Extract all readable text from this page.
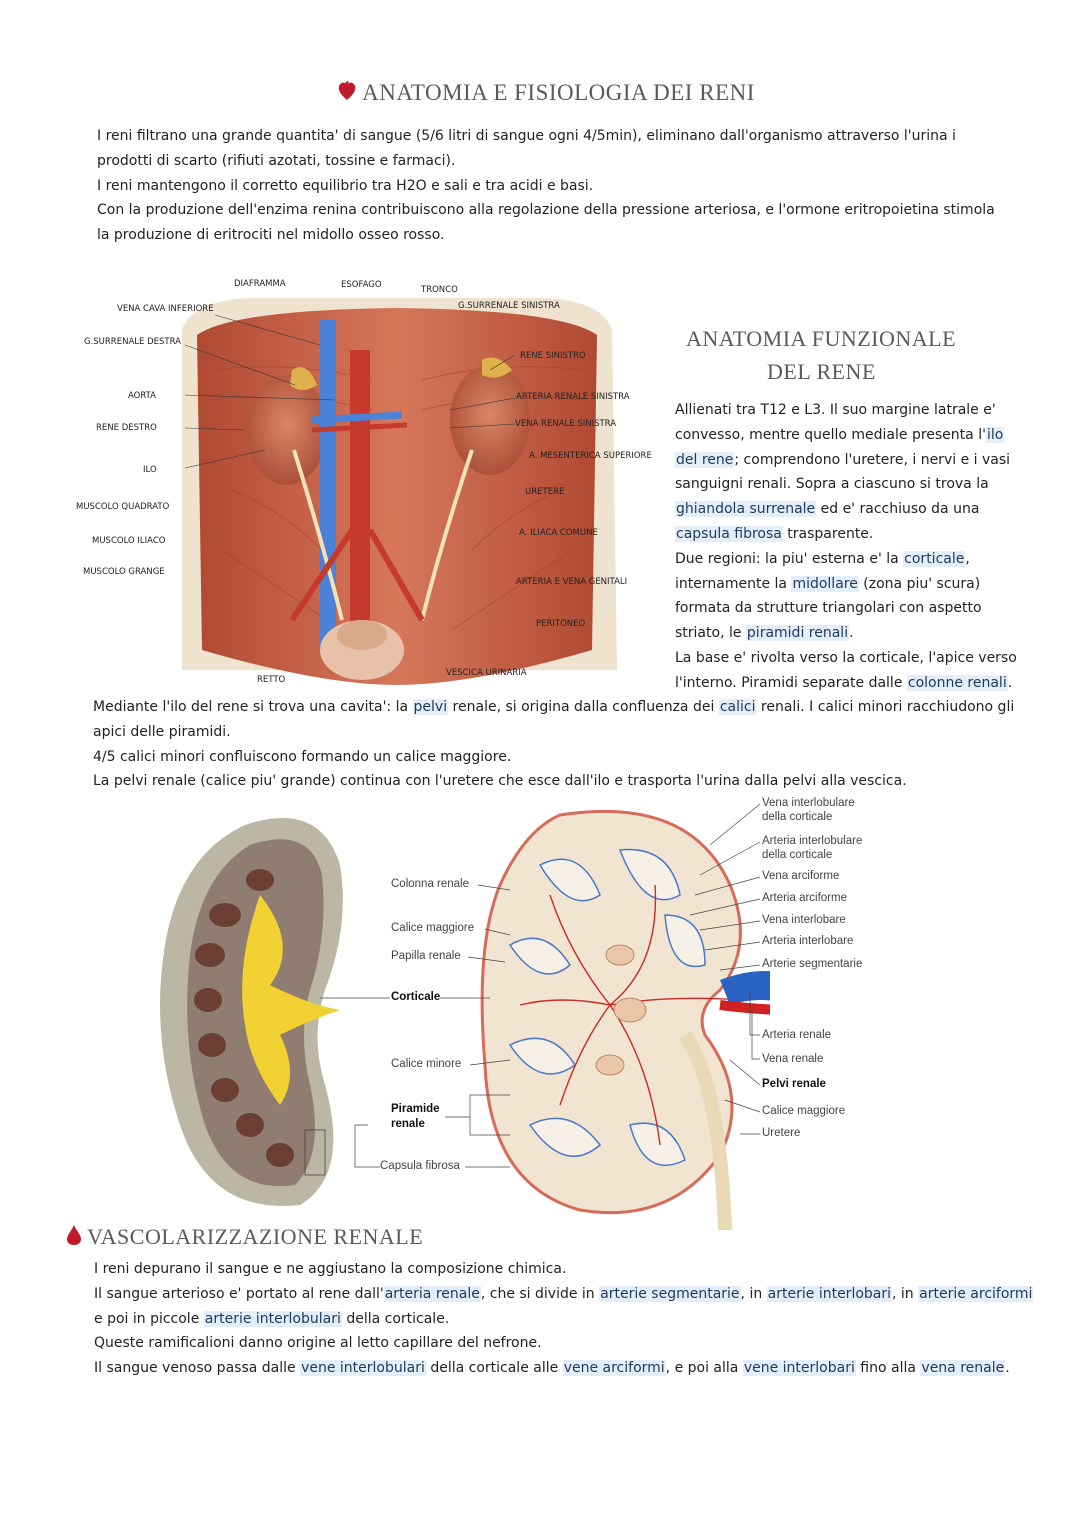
ANATOMIA E FISIOLOGIA DEI RENI

I reni filtrano una grande quantita' di sangue (5/6 litri di sangue ogni 4/5min), eliminano dall'organismo attraverso l'urina i

prodotti di scarto (rifiuti azotati, tossine e farmaci).

I reni mantengono il corretto equilibrio tra H2O e sali e tra acidi e basi.

Con la produzione dell'enzima renina contribuiscono alla regolazione della pressione arteriosa, e l'ormone eritropoietina stimola

la produzione di eritrociti nel midollo osseo rosso.

DIAFRAMMA	ESOFAGO	TRONCO
G.SURRENALE SINISTRA
VENA CAVA INFERIORE
G.SURRENALE DESTRA
AORTA
RENE DESTRO
ILO
MUSCOLO QUADRATO
MUSCOLO ILIACO
MUSCOLO GRANGE
RENE SINISTRO
ARTERIA RENALE SINISTRA
VENA RENALE SINISTRA
A. MESENTERICA SUPERIORE
URETERE
A. ILIACA COMUNE
ARTERIA E VENA GENITALI
PERITONEO
RETTO
VESCICA URINARIA
ANATOMIA FUNZIONALE
DEL RENE

Allienati tra T12 e L3. Il suo margine latrale e'

convesso, mentre quello mediale presenta l'ilo

del rene; comprendono l'uretere, i nervi e i vasi

sanguigni renali. Sopra a ciascuno si trova la

ghiandola surrenale ed e' racchiuso da una

capsula fibrosa trasparente.

Due regioni: la piu' esterna e' la corticale,

internamente la midollare (zona piu' scura)

formata da strutture triangolari con aspetto

striato, le piramidi renali.

La base e' rivolta verso la corticale, l'apice verso

l'interno. Piramidi separate dalle colonne renali.

Mediante l'ilo del rene si trova una cavita': la pelvi renale, si origina dalla confluenza dei calici renali. I calici minori racchiudono gli

apici delle piramidi.

4/5 calici minori confluiscono formando un calice maggiore.

La pelvi renale (calice piu' grande) continua con l'uretere che esce dall'ilo e trasporta l'urina dalla pelvi alla vescica.

Colonna renale
Calice maggiore
Papilla renale
Corticale
Calice minore
Piramide
renale
Capsula fibrosa
Vena interlobulare
della corticale
Arteria interlobulare
della corticale
Vena arciforme
Arteria arciforme
Vena interlobare
Arteria interlobare
Arterie segmentarie
Arteria renale
Vena renale
Pelvi renale
Calice maggiore
Uretere
VASCOLARIZZAZIONE RENALE

I reni depurano il sangue e ne aggiustano la composizione chimica.

Il sangue arterioso e' portato al rene dall'arteria renale, che si divide in arterie segmentarie, in arterie interlobari, in arterie arciformi

e poi in piccole arterie interlobulari della corticale.

Queste ramificalioni danno origine al letto capillare del nefrone.

Il sangue venoso passa dalle vene interlobulari della corticale alle vene arciformi, e poi alla vene interlobari fino alla vena renale.
